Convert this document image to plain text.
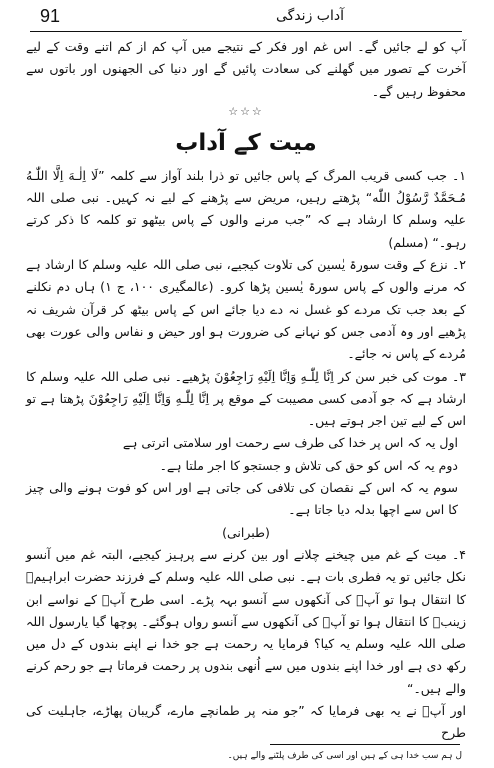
91	آداب زندگی

آپ کو لے جائیں گے۔ اس غم اور فکر کے نتیجے میں آپ کم از کم اتنے وقت کے لیے آخرت کے تصور میں گھلنے کی سعادت پائیں گے اور دنیا کی الجھنوں اور باتوں سے محفوظ رہیں گے۔

☆☆☆

میت کے آداب

۱۔ جب کسی قریب المرگ کے پاس جائیں تو ذرا بلند آواز سے کلمہ ”لَا اِلٰـهَ اِلَّا اللّٰـهُ مُـحَمَّدٌ رَّسُوْلُ اللّٰه“ پڑھتے رہیں، مریض سے پڑھنے کے لیے نہ کہیں۔ نبی صلی اللہ علیہ وسلم کا ارشاد ہے کہ ”جب مرنے والوں کے پاس بیٹھو تو کلمہ کا ذکر کرتے رہو۔“ (مسلم)

۲۔ نزع کے وقت سورۃ یٰسین کی تلاوت کیجیے، نبی صلی اللہ علیہ وسلم کا ارشاد ہے کہ مرنے والوں کے پاس سورۃ یٰسین پڑھا کرو۔ (عالمگیری ۱۰۰، ج ۱) ہاں دم نکلنے کے بعد جب تک مردے کو غسل نہ دے دیا جائے اس کے پاس بیٹھ کر قرآن شریف نہ پڑھیے اور وہ آدمی جس کو نہانے کی ضرورت ہو اور حیض و نفاس والی عورت بھی مُردے کے پاس نہ جائے۔

۳۔ موت کی خبر سن کر اِنَّا لِلّٰـهِ وَاِنَّا اِلَیْهِ رَاجِعُوْنَ پڑھیے۔ نبی صلی اللہ علیہ وسلم کا ارشاد ہے کہ جو آدمی کسی مصیبت کے موقع پر اِنَّا لِلّٰـهِ وَاِنَّا اِلَیْهِ رَاجِعُوْنَ پڑھتا ہے تو اس کے لیے تین اجر ہوتے ہیں۔

اول یہ کہ اس پر خدا کی طرف سے رحمت اور سلامتی اترتی ہے

دوم یہ کہ اس کو حق کی تلاش و جستجو کا اجر ملتا ہے۔

سوم یہ کہ اس کے نقصان کی تلافی کی جاتی ہے اور اس کو فوت ہونے والی چیز کا اس سے اچھا بدلہ دیا جاتا ہے۔

(طبرانی)

۴۔ میت کے غم میں چیخنے چلانے اور بین کرنے سے پرہیز کیجیے، البتہ غم میں آنسو نکل جائیں تو یہ فطری بات ہے۔ نبی صلی اللہ علیہ وسلم کے فرزند حضرت ابراہیمؑ کا انتقال ہوا تو آپؐ کی آنکھوں سے آنسو بہہ پڑے۔ اسی طرح آپؐ کے نواسے ابن زینبؓ کا انتقال ہوا تو آپؐ کی آنکھوں سے آنسو رواں ہوگئے۔ پوچھا گیا یارسول اللہ صلی اللہ علیہ وسلم یہ کیا؟ فرمایا یہ رحمت ہے جو خدا نے اپنے بندوں کے دل میں رکھ دی ہے اور خدا اپنے بندوں میں سے اُنھی بندوں پر رحمت فرماتا ہے جو رحم کرنے والے ہیں۔“

اور آپؐ نے یہ بھی فرمایا کہ ”جو منہ پر طمانچے مارے، گریبان پھاڑے، جاہلیت کی طرح

ل ہم سب خدا ہی کے ہیں اور اسی کی طرف پلٹنے والے ہیں۔
